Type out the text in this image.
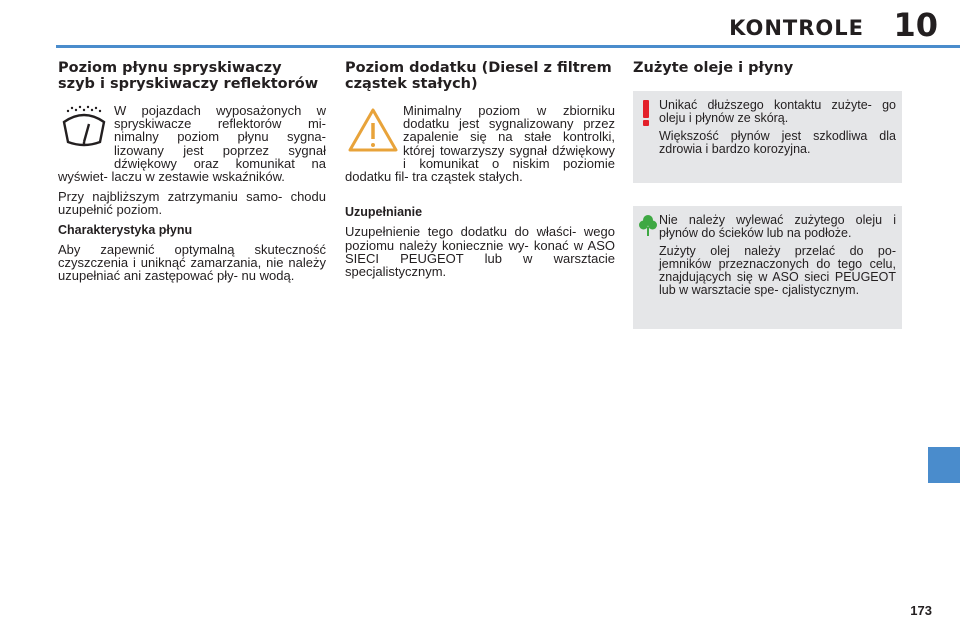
KONTROLE 10
Poziom płynu spryskiwaczy
szyb i spryskiwaczy reflektorów

W pojazdach wyposażonych w spryskiwacze reflektorów mi- nimalny poziom płynu sygna- lizowany jest poprzez sygnał dźwiękowy oraz komunikat na wyświet- laczu w zestawie wskaźników.

Przy najbliższym zatrzymaniu samo- chodu uzupełnić poziom.

Charakterystyka płynu

Aby zapewnić optymalną skuteczność czyszczenia i uniknąć zamarzania, nie należy uzupełniać ani zastępować pły- nu wodą.

Poziom dodatku (Diesel z filtrem
cząstek stałych)

Minimalny poziom w zbiorniku dodatku jest sygnalizowany przez zapalenie się na stałe kontrolki, której towarzyszy sygnał dźwiękowy i komunikat o niskim poziomie dodatku fil- tra cząstek stałych.

Uzupełnianie

Uzupełnienie tego dodatku do właści- wego poziomu należy koniecznie wy- konać w ASO SIECI PEUGEOT lub w warsztacie specjalistycznym.

Zużyte oleje i płyny

Unikać dłuższego kontaktu zużyte- go oleju i płynów ze skórą.

Większość płynów jest szkodliwa dla zdrowia i bardzo korozyjna.

Nie należy wylewać zużytego oleju i płynów do ścieków lub na podłoże.

Zużyty olej należy przelać do po- jemników przeznaczonych do tego celu, znajdujących się w ASO sieci PEUGEOT lub w warsztacie spe- cjalistycznym.

173
